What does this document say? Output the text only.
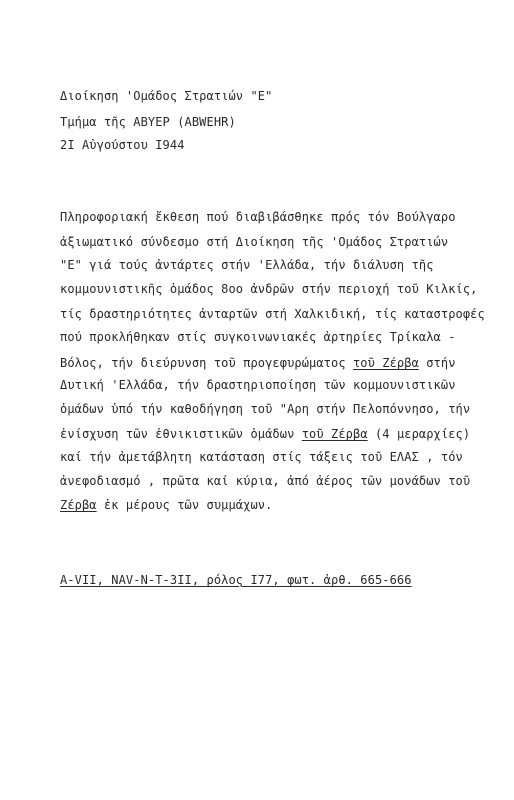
Διοίκηση 'Ομάδος Στρατιών "Ε"
Τμήμα τῆς ΑΒΥΕΡ (ABWEHR)
2I Αὐγούστου I944
Πληροφοριακή ἔκθεση πού διαβιβάσθηκε πρός τόν Βούλγαρο
ἀξιωματικό σύνδεσμο στή Διοίκηση τῆς 'Ομάδος Στρατιών
"Ε" γιά τούς ἀντάρτες στήν 'Ελλάδα, τήν διάλυση τῆς
κομμουνιστικῆς ὁμάδος 8οο ἀνδρῶν στήν περιοχή τοῦ Κιλκίς,
τίς δραστηριότητες ἀνταρτῶν στή Χαλκιδική, τίς καταστροφές
πού προκλήθηκαν στίς συγκοινωνιακές ἀρτηρίες Τρίκαλα -
Βόλος, τήν διεύρυνση τοῦ προγεφυρώματος τοῦ Ζέρβα στήν
Δυτική 'Ελλάδα, τήν δραστηριοποίηση τῶν κομμουνιστικῶν
ὁμάδων ὑπό τήν καθοδήγηση τοῦ "Αρη στήν Πελοπόννησο, τήν
ἐνίσχυση τῶν ἐθνικιστικῶν ὁμάδων τοῦ Ζέρβα (4 μεραρχίες)
καί τήν ἀμετάβλητη κατάσταση στίς τάξεις τοῦ ΕΛΑΣ , τόν
ἀνεφοδιασμό , πρῶτα καί κύρια, ἀπό ἀέρος τῶν μονάδων τοῦ
Ζέρβα ἐκ μέρους τῶν συμμάχων.
A-VII, NAV-N-T-3II, ρόλος I77, φωτ. ἀρθ. 665-666
